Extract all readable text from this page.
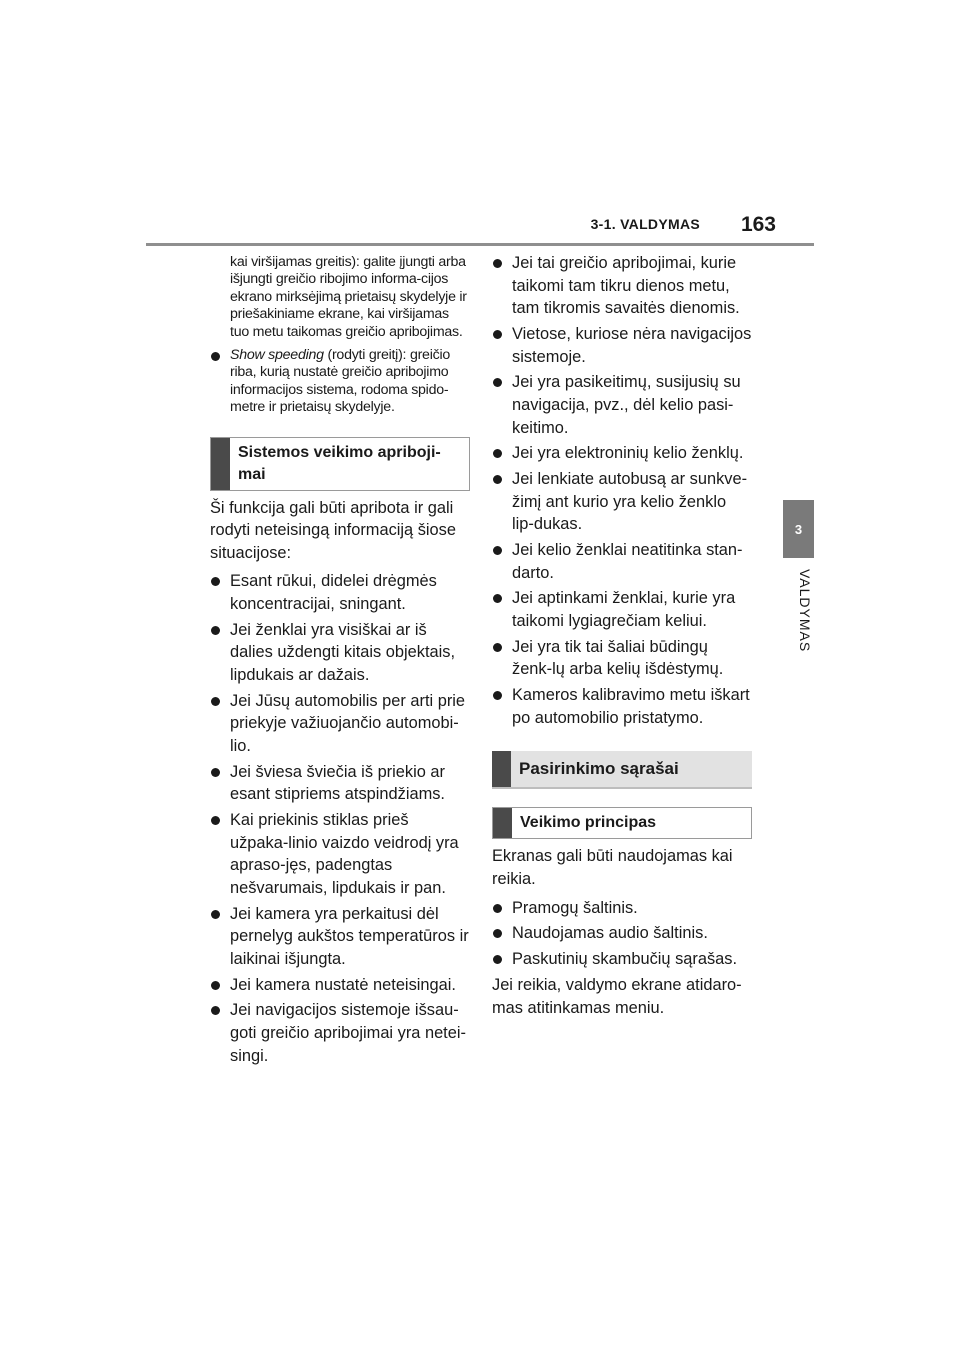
3-1. VALDYMAS	163
3
VALDYMAS
kai viršijamas greitis): galite įjungti arba išjungti greičio ribojimo informa-cijos ekrano mirksėjimą prietaisų skydelyje ir priešakiniame ekrane, kai viršijamas tuo metu taikomas greičio apribojimas.
Show speeding (rodyti greitį): greičio riba, kurią nustatė greičio apribojimo informacijos sistema, rodoma spido-metre ir prietaisų skydelyje.
Sistemos veikimo apriboji-mai
Ši funkcija gali būti apribota ir gali rodyti neteisingą informaciją šiose situacijose:
Esant rūkui, didelei drėgmės koncentracijai, sningant.
Jei ženklai yra visiškai ar iš dalies uždengti kitais objektais, lipdukais ar dažais.
Jei Jūsų automobilis per arti prie priekyje važiuojančio automobi-lio.
Jei šviesa šviečia iš priekio ar esant stipriems atspindžiams.
Kai priekinis stiklas prieš užpaka-linio vaizdo veidrodį yra apraso-jęs, padengtas nešvarumais, lipdukais ir pan.
Jei kamera yra perkaitusi dėl pernelyg aukštos temperatūros ir laikinai išjungta.
Jei kamera nustatė neteisingai.
Jei navigacijos sistemoje išsau-goti greičio apribojimai yra netei-singi.
Jei tai greičio apribojimai, kurie taikomi tam tikru dienos metu, tam tikromis savaitės dienomis.
Vietose, kuriose nėra navigacijos sistemoje.
Jei yra pasikeitimų, susijusių su navigacija, pvz., dėl kelio pasi-keitimo.
Jei yra elektroninių kelio ženklų.
Jei lenkiate autobusą ar sunkve-žimį ant kurio yra kelio ženklo lip-dukas.
Jei kelio ženklai neatitinka stan-darto.
Jei aptinkami ženklai, kurie yra taikomi lygiagrečiam keliui.
Jei yra tik tai šaliai būdingų ženk-lų arba kelių išdėstymų.
Kameros kalibravimo metu iškart po automobilio pristatymo.
Pasirinkimo sąrašai
Veikimo principas
Ekranas gali būti naudojamas kai reikia.
Pramogų šaltinis.
Naudojamas audio šaltinis.
Paskutinių skambučių sąrašas.
Jei reikia, valdymo ekrane atidaro-mas atitinkamas meniu.
